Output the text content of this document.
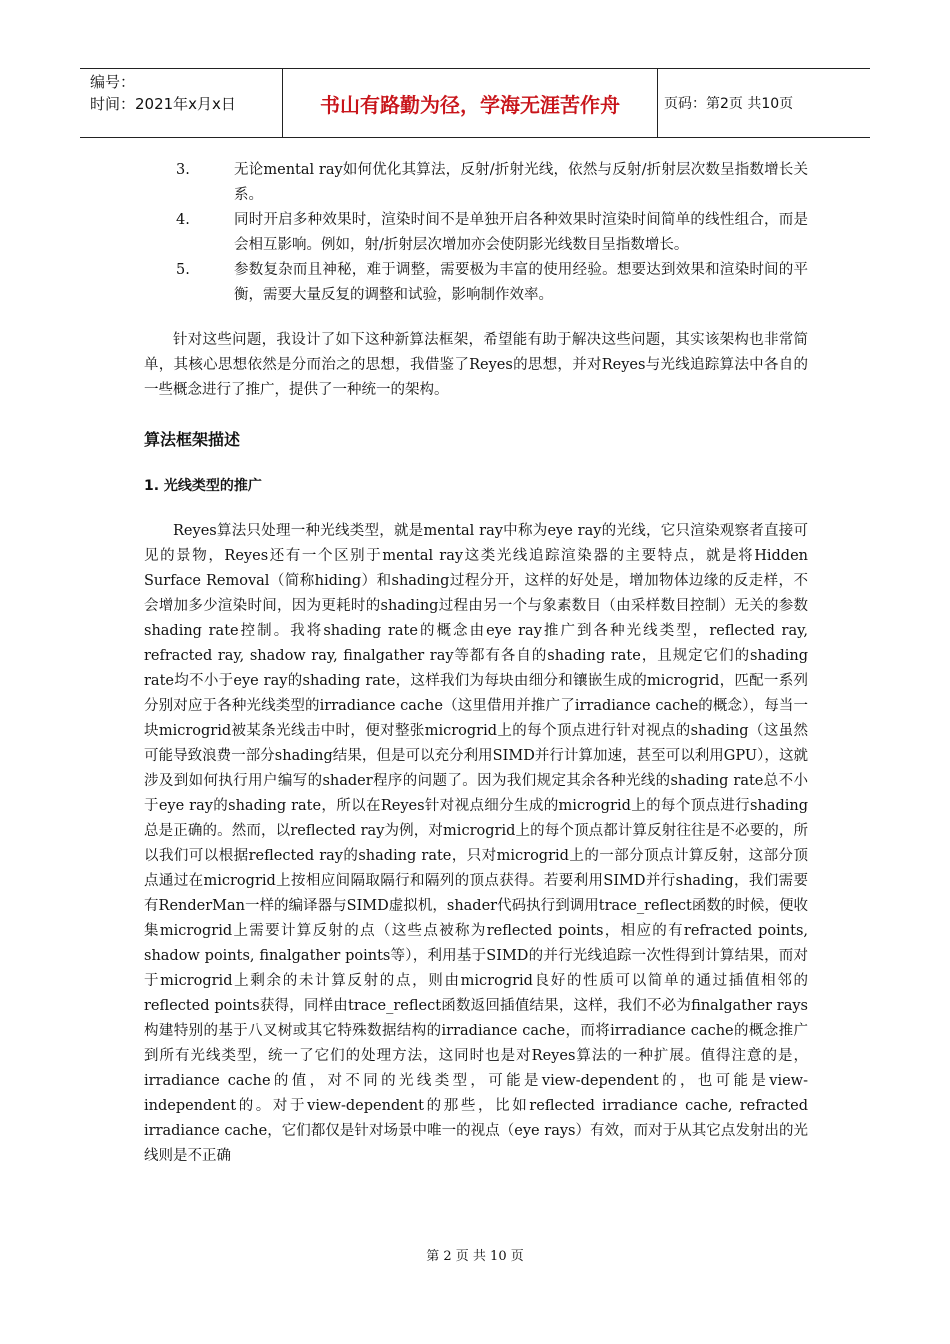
编号：
时间：2021年x月x日	书山有路勤为径，学海无涯苦作舟	页码：第2页 共10页
3.	无论mental ray如何优化其算法，反射/折射光线，依然与反射/折射层次数呈指数增长关系。
4.	同时开启多种效果时，渲染时间不是单独开启各种效果时渲染时间简单的线性组合，而是会相互影响。例如，射/折射层次增加亦会使阴影光线数目呈指数增长。
5.	参数复杂而且神秘，难于调整，需要极为丰富的使用经验。想要达到效果和渲染时间的平衡，需要大量反复的调整和试验，影响制作效率。

针对这些问题，我设计了如下这种新算法框架，希望能有助于解决这些问题，其实该架构也非常简单，其核心思想依然是分而治之的思想，我借鉴了Reyes的思想，并对Reyes与光线追踪算法中各自的一些概念进行了推广，提供了一种统一的架构。

算法框架描述
1. 光线类型的推广

Reyes算法只处理一种光线类型，就是mental ray中称为eye ray的光线，它只渲染观察者直接可见的景物，Reyes还有一个区别于mental ray这类光线追踪渲染器的主要特点，就是将Hidden Surface Removal（简称hiding）和shading过程分开，这样的好处是，增加物体边缘的反走样，不会增加多少渲染时间，因为更耗时的shading过程由另一个与象素数目（由采样数目控制）无关的参数shading rate控制。我将shading rate的概念由eye ray推广到各种光线类型，reflected ray, refracted ray, shadow ray, finalgather ray等都有各自的shading rate，且规定它们的shading rate均不小于eye ray的shading rate，这样我们为每块由细分和镶嵌生成的microgrid，匹配一系列分别对应于各种光线类型的irradiance cache（这里借用并推广了irradiance cache的概念），每当一块microgrid被某条光线击中时，便对整张microgrid上的每个顶点进行针对视点的shading（这虽然可能导致浪费一部分shading结果，但是可以充分利用SIMD并行计算加速，甚至可以利用GPU），这就涉及到如何执行用户编写的shader程序的问题了。因为我们规定其余各种光线的shading rate总不小于eye ray的shading rate，所以在Reyes针对视点细分生成的microgrid上的每个顶点进行shading总是正确的。然而，以reflected ray为例，对microgrid上的每个顶点都计算反射往往是不必要的，所以我们可以根据reflected ray的shading rate，只对microgrid上的一部分顶点计算反射，这部分顶点通过在microgrid上按相应间隔取隔行和隔列的顶点获得。若要利用SIMD并行shading，我们需要有RenderMan一样的编译器与SIMD虚拟机，shader代码执行到调用trace_reflect函数的时候，便收集microgrid上需要计算反射的点（这些点被称为reflected points，相应的有refracted points, shadow points, finalgather points等），利用基于SIMD的并行光线追踪一次性得到计算结果，而对于microgrid上剩余的未计算反射的点，则由microgrid良好的性质可以简单的通过插值相邻的reflected points获得，同样由trace_reflect函数返回插值结果，这样，我们不必为finalgather rays构建特别的基于八叉树或其它特殊数据结构的irradiance cache，而将irradiance cache的概念推广到所有光线类型，统一了它们的处理方法，这同时也是对Reyes算法的一种扩展。值得注意的是，irradiance cache的值，对不同的光线类型，可能是view-dependent的，也可能是view-independent的。对于view-dependent的那些，比如reflected irradiance cache, refracted irradiance cache，它们都仅是针对场景中唯一的视点（eye rays）有效，而对于从其它点发射出的光线则是不正确

第 2 页 共 10 页
